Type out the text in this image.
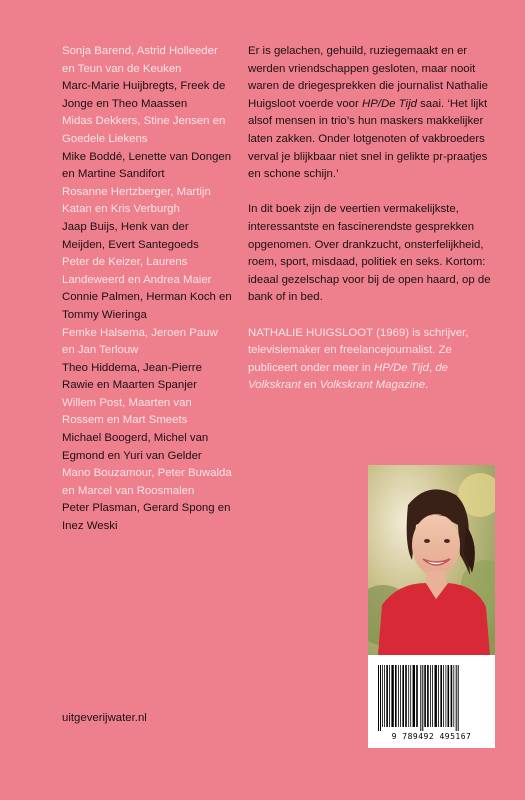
Sonja Barend, Astrid Holleeder en Teun van de Keuken
Marc-Marie Huijbregts, Freek de Jonge en Theo Maassen
Midas Dekkers, Stine Jensen en Goedele Liekens
Mike Boddé, Lenette van Dongen en Martine Sandifort
Rosanne Hertzberger, Martijn Katan en Kris Verburgh
Jaap Buijs, Henk van der Meijden, Evert Santegoeds
Peter de Keizer, Laurens Landeweerd en Andrea Maier
Connie Palmen, Herman Koch en Tommy Wieringa
Femke Halsema, Jeroen Pauw en Jan Terlouw
Theo Hiddema, Jean-Pierre Rawie en Maarten Spanjer
Willem Post, Maarten van Rossem en Mart Smeets
Michael Boogerd, Michel van Egmond en Yuri van Gelder
Mano Bouzamour, Peter Buwalda en Marcel van Roosmalen
Peter Plasman, Gerard Spong en Inez Weski

Er is gelachen, gehuild, ruziegemaakt en er werden vriendschappen gesloten, maar nooit waren de driegesprekken die journalist Nathalie Huigsloot voerde voor HP/De Tijd saai. ‘Het lijkt alsof mensen in trio’s hun maskers makkelijker laten zakken. Onder lotgenoten of vakbroeders verval je blijkbaar niet snel in gelikte pr-praatjes en schone schijn.’

In dit boek zijn de veertien vermakelijkste, interessantste en fascinerendste gesprekken opgenomen. Over drankzucht, onsterfelijkheid, roem, sport, misdaad, politiek en seks. Kortom: ideaal gezelschap voor bij de open haard, op de bank of in bed.

NATHALIE HUIGSLOOT (1969) is schrijver, televisiemaker en freelancejournalist. Ze publiceert onder meer in HP/De Tijd, de Volkskrant en Volkskrant Magazine.

9 789492 495167
uitgeverijwater.nl
